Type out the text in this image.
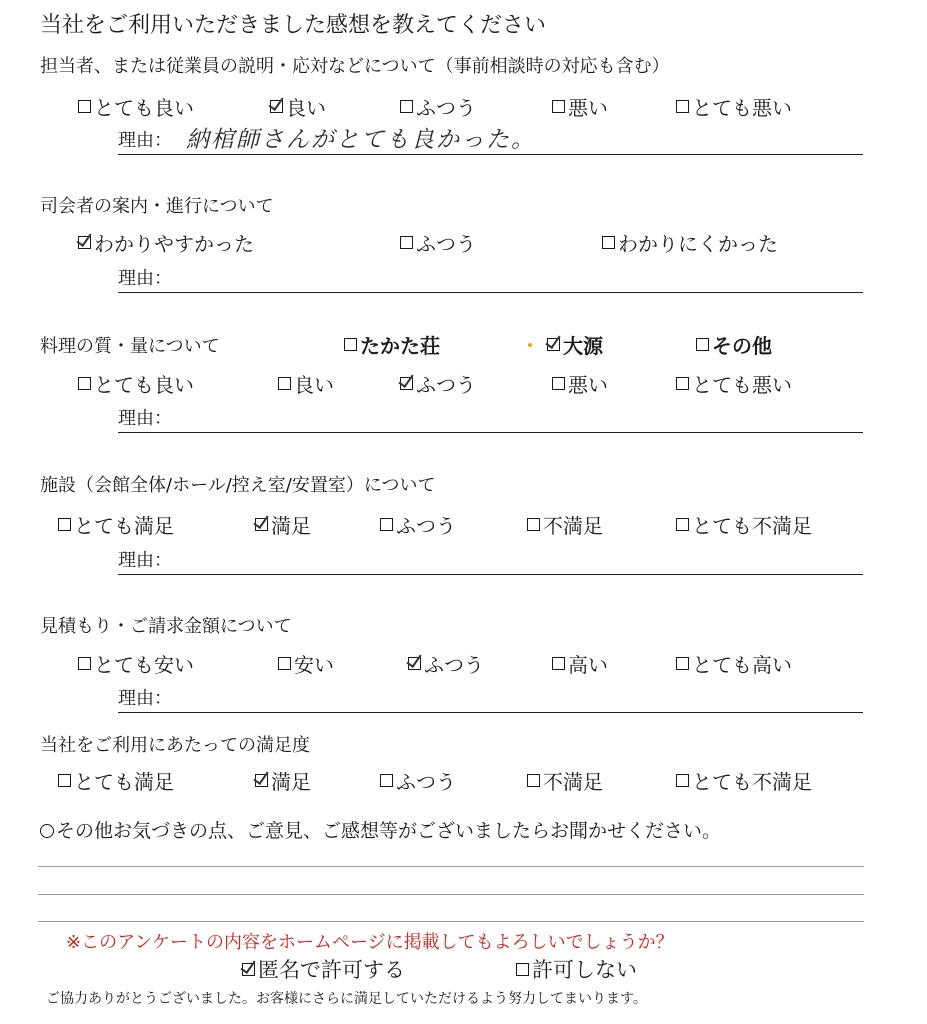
当社をご利用いただきました感想を教えてください
担当者、または従業員の説明・応対などについて（事前相談時の対応も含む）
とても良い	良い	ふつう	悪い	とても悪い
理由： 納棺師さんがとても良かった。
司会者の案内・進行について
わかりやすかった	ふつう	わかりにくかった
理由：
料理の質・量について	たかた荘	大源	その他
とても良い	良い	ふつう	悪い	とても悪い
理由：
施設（会館全体/ホール/控え室/安置室）について
とても満足	満足	ふつう	不満足	とても不満足
理由：
見積もり・ご請求金額について
とても安い	安い	ふつう	高い	とても高い
理由：
当社をご利用にあたっての満足度
とても満足	満足	ふつう	不満足	とても不満足
その他お気づきの点、ご意見、ご感想等がございましたらお聞かせください。
※このアンケートの内容をホームページに掲載してもよろしいでしょうか？
匿名で許可する	許可しない
ご協力ありがとうございました。お客様にさらに満足していただけるよう努力してまいります。
